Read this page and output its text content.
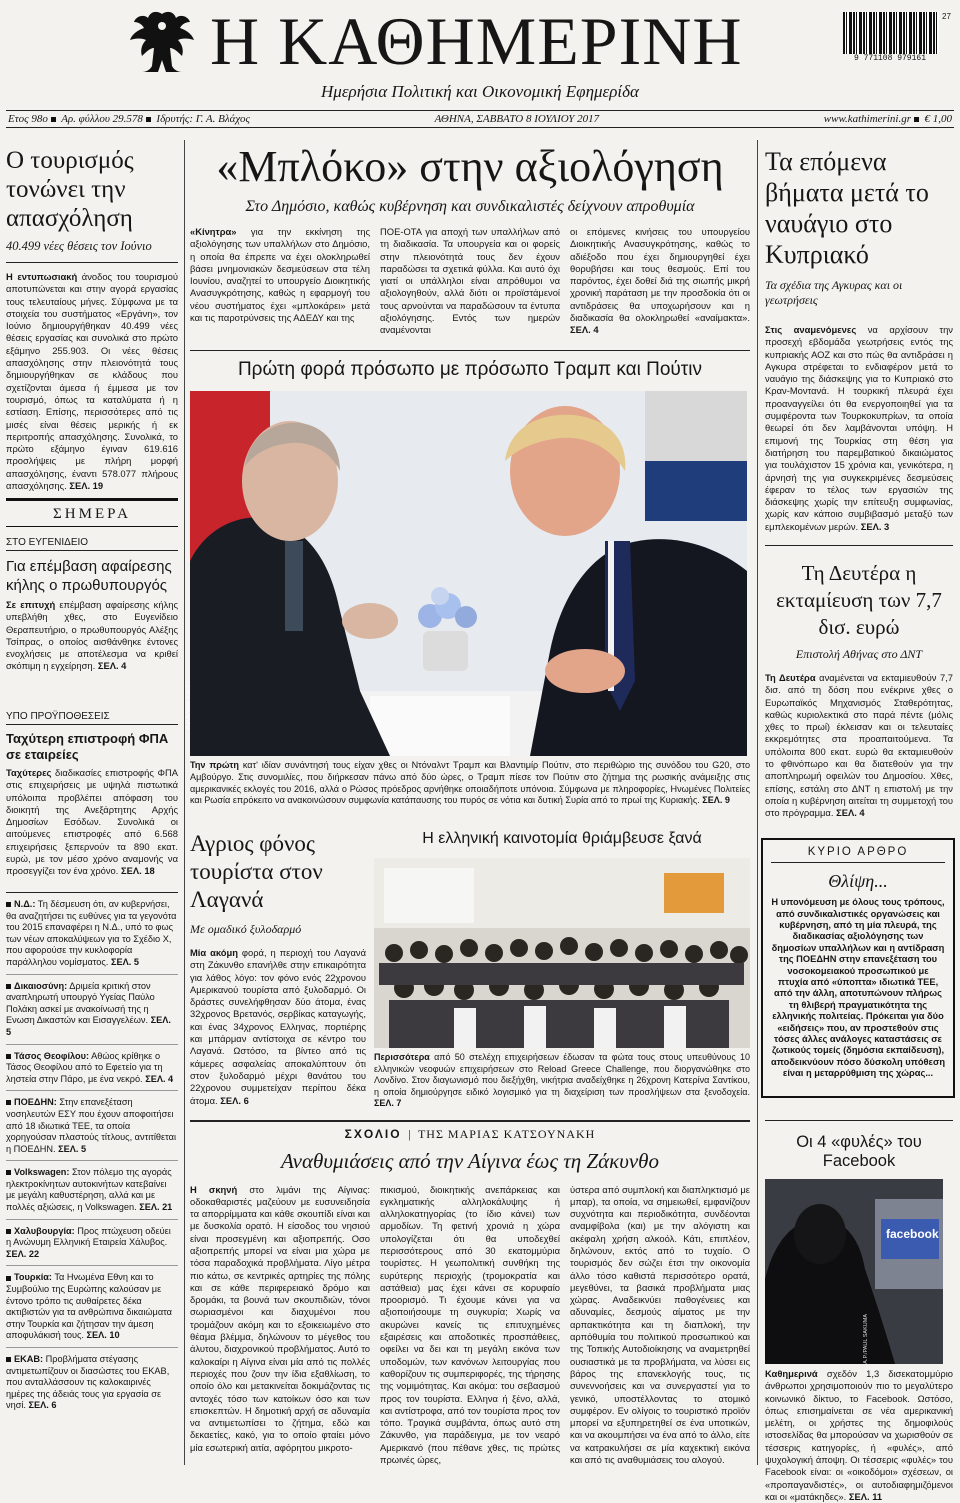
Η ΚΑΘΗΜΕΡΙΝΗ
Ημερήσια Πολιτική και Οικονομική Εφημερίδα
9 771108 979161
27
Ετος 98ο Αρ. φύλλου 29.578 Ιδρυτής: Γ. Α. Βλάχος	ΑΘΗΝΑ, ΣΑΒΒΑΤΟ 8 ΙΟΥΛΙΟΥ 2017	www.kathimerini.gr € 1,00
Ο τουρισμός τονώνει την απασχόληση
40.499 νέες θέσεις τον Ιούνιο
Η εντυπωσιακή άνοδος του τουρισμού αποτυπώνεται και στην αγορά εργασίας τους τελευταίους μήνες. Σύμφωνα με τα στοιχεία του συστήματος «Εργάνη», τον Ιούνιο δημιουργήθηκαν 40.499 νέες θέσεις εργασίας και συνολικά στο πρώτο εξάμηνο 255.903. Οι νέες θέσεις απασχόλησης στην πλειονότητά τους δημιουργήθηκαν σε κλάδους που σχετίζονται άμεσα ή έμμεσα με τον τουρισμό, όπως τα καταλύματα ή η εστίαση. Επίσης, περισσότερες από τις μισές είναι θέσεις μερικής ή εκ περιτροπής απασχόλησης. Συνολικά, το πρώτο εξάμηνο έγιναν 619.616 προσλήψεις με πλήρη μορφή απασχόλησης, έναντι 578.077 πλήρους απασχόλησης. ΣΕΛ. 19
ΣΗΜΕΡΑ
ΣΤΟ ΕΥΓΕΝΙΔΕΙΟ
Για επέμβαση αφαίρεσης κήλης ο πρωθυπουργός
Σε επιτυχή επέμβαση αφαίρεσης κήλης υπεβλήθη χθες, στο Ευγενίδειο Θεραπευτήριο, ο πρωθυπουργός Αλέξης Τσίπρας, ο οποίος αισθάνθηκε έντονες ενοχλήσεις με αποτέλεσμα να κριθεί σκόπιμη η εγχείρηση. ΣΕΛ. 4
ΥΠΟ ΠΡΟΫΠΟΘΕΣΕΙΣ
Ταχύτερη επιστροφή ΦΠΑ σε εταιρείες
Ταχύτερες διαδικασίες επιστροφής ΦΠΑ στις επιχειρήσεις με υψηλά πιστωτικά υπόλοιπα προβλέπει απόφαση του διοικητή της Ανεξάρτητης Αρχής Δημοσίων Εσόδων. Συνολικά οι αιτούμενες επιστροφές από 6.568 επιχειρήσεις ξεπερνούν τα 890 εκατ. ευρώ, με τον μέσο χρόνο αναμονής να προσεγγίζει τον ένα χρόνο. ΣΕΛ. 18
Ν.Δ.: Τη δέσμευση ότι, αν κυβερνήσει, θα αναζητήσει τις ευθύνες για τα γεγονότα του 2015 επαναφέρει η Ν.Δ., υπό το φως των νέων αποκαλύψεων για το Σχέδιο Χ, που αφορούσε την κυκλοφορία παράλληλου νομίσματος. ΣΕΛ. 5
Δικαιοσύνη: Δριμεία κριτική στον αναπληρωτή υπουργό Υγείας Παύλο Πολάκη ασκεί με ανακοίνωσή της η Ενωση Δικαστών και Εισαγγελέων. ΣΕΛ. 5
Τάσος Θεοφίλου: Αθώος κρίθηκε ο Τάσος Θεοφίλου από το Εφετείο για τη ληστεία στην Πάρο, με ένα νεκρό. ΣΕΛ. 4
ΠΟΕΔΗΝ: Στην επανεξέταση νοσηλευτών ΕΣΥ που έχουν αποφοιτήσει από 18 ιδιωτικά ΤΕΕ, τα οποία χορηγούσαν πλαστούς τίτλους, αντιτίθεται η ΠΟΕΔΗΝ. ΣΕΛ. 5
Volkswagen: Στον πόλεμο της αγοράς ηλεκτροκίνητων αυτοκινήτων κατεβαίνει με μεγάλη καθυστέρηση, αλλά και με πολλές αξιώσεις, η Volkswagen. ΣΕΛ. 21
Χαλυβουργία: Προς πτώχευση οδεύει η Ανώνυμη Ελληνική Εταιρεία Χάλυβος. ΣΕΛ. 22
Τουρκία: Τα Ηνωμένα Εθνη και το Συμβούλιο της Ευρώπης καλούσαν με έντονο τρόπο τις αυθαίρετες δέκα ακτιβιστών για τα ανθρώπινα δικαιώματα στην Τουρκία και ζήτησαν την άμεση αποφυλάκισή τους. ΣΕΛ. 10
ΕΚΑΒ: Προβλήματα στέγασης αντιμετωπίζουν οι διασώστες του ΕΚΑΒ, που ανταλλάσσουν τις καλοκαιρινές ημέρες της άδειάς τους για εργασία σε νησί. ΣΕΛ. 6
«Μπλόκο» στην αξιολόγηση
Στο Δημόσιο, καθώς κυβέρνηση και συνδικαλιστές δείχνουν απροθυμία
«Κίνητρα» για την εκκίνηση της αξιολόγησης των υπαλλήλων στο Δημόσιο, η οποία θα έπρεπε να έχει ολοκληρωθεί βάσει μνημονιακών δεσμεύσεων στα τέλη Ιουνίου, αναζητεί το υπουργείο Διοικητικής Ανασυγκρότησης, καθώς η εφαρμογή του νέου συστήματος έχει «μπλοκάρει» μετά και τις παροτρύνσεις της ΑΔΕΔΥ και της
ΠΟΕ-ΟΤΑ για αποχή των υπαλλήλων από τη διαδικασία. Τα υπουργεία και οι φορείς στην πλειονότητά τους δεν έχουν παραδώσει τα σχετικά φύλλα. Και αυτό όχι γιατί οι υπάλληλοι είναι απρόθυμοι να αξιολογηθούν, αλλά διότι οι προϊστάμενοί τους αρνούνται να παραδώσουν τα έντυπα αξιολόγησης. Εντός των ημερών αναμένονται
οι επόμενες κινήσεις του υπουργείου Διοικητικής Ανασυγκρότησης, καθώς το αδιέξοδο που έχει δημιουργηθεί έχει θορυβήσει και τους θεσμούς. Επί του παρόντος, έχει δοθεί διά της σιωπής μικρή χρονική παράταση με την προσδοκία ότι οι αντιδράσεις θα υποχωρήσουν και η διαδικασία θα ολοκληρωθεί «αναίμακτα». ΣΕΛ. 4
Πρώτη φορά πρόσωπο με πρόσωπο Τραμπ και Πούτιν
A.P./EVAN VUCCI
Την πρώτη κατ' ιδίαν συνάντησή τους είχαν χθες οι Ντόναλντ Τραμπ και Βλαντιμίρ Πούτιν, στο περιθώριο της συνόδου του G20, στο Αμβούργο. Στις συνομιλίες, που διήρκεσαν πάνω από δύο ώρες, ο Τραμπ πίεσε τον Πούτιν στο ζήτημα της ρωσικής ανάμειξης στις αμερικανικές εκλογές του 2016, αλλά ο Ρώσος πρόεδρος αρνήθηκε οποιαδήποτε υπόνοια. Σύμφωνα με πληροφορίες, Ηνωμένες Πολιτείες και Ρωσία επρόκειτο να ανακοινώσουν συμφωνία κατάπαυσης του πυρός σε νότια και δυτική Συρία από το πρωί της Κυριακής. ΣΕΛ. 9
Αγριος φόνος τουρίστα στον Λαγανά
Με ομαδικό ξυλοδαρμό
Μία ακόμη φορά, η περιοχή του Λαγανά στη Ζάκυνθο επανήλθε στην επικαιρότητα για λάθος λόγο: τον φόνο ενός 22χρονου Αμερικανού τουρίστα από ξυλοδαρμό. Οι δράστες συνελήφθησαν δύο άτομα, ένας 32χρονος Βρετανός, σερβίκας καταγωγής, και ένας 34χρονος Ελληνας, πορτιέρης και μπάρμαν αντίστοιχα σε κέντρο του Λαγανά. Ωστόσο, τα βίντεο από τις κάμερες ασφαλείας αποκαλύπτουν ότι στον ξυλοδαρμό μέχρι θανάτου του 22χρονου συμμετείχαν περίπου δέκα άτομα. ΣΕΛ. 6
Η ελληνική καινοτομία θριάμβευσε ξανά
Περισσότερα από 50 στελέχη επιχειρήσεων έδωσαν τα φώτα τους στους υπευθύνους 10 ελληνικών νεοφυών επιχειρήσεων στο Reload Greece Challenge, που διοργανώθηκε στο Λονδίνο. Στον διαγωνισμό που διεξήχθη, νικήτρια αναδείχθηκε η 26χρονη Κατερίνα Σαντίκου, η οποία δημιούργησε ειδικό λογισμικό για τη διαχείριση των προσλήψεων στα ξενοδοχεία. ΣΕΛ. 7
ΣΧΟΛΙΟ | ΤΗΣ ΜΑΡΙΑΣ ΚΑΤΣΟΥΝΑΚΗ
Αναθυμιάσεις από την Αίγινα έως τη Ζάκυνθο
Η σκηνή στο λιμάνι της Αίγινας: οδοκαθαριστές μαζεύουν με ευσυνειδησία τα απορρίμματα και κάθε σκουπίδι είναι και με δυσκολία ορατό. Η είσοδος του νησιού είναι προσεγμένη και αξιοπρεπής. Οσο αξιοπρεπής μπορεί να είναι μια χώρα με τόσα παραδοχικά προβλήματα. Λίγο μέτρα πιο κάτω, σε κεντρικές αρτηρίες της πόλης και σε κάθε περιφερειακό δρόμο και δρομάκι, τα βουνά των σκουπιδιών, τόνοι σωριασμένοι και διαχυμένοι που τρομάζουν ακόμη και το εξοικειωμένο στο θέαμα βλέμμα, δηλώνουν το μέγεθος του άλυτου, διαχρονικού προβλήματος. Αυτό το καλοκαίρι η Αίγινα είναι μία από τις πολλές περιοχές που ζουν την ίδια εξαθλίωση, το οποίο όλο και μετακινείται δοκιμάζοντας τις αντοχές τόσο των κατοίκων όσο και των επισκεπτών. Η δημοτική αρχή σε αδυναμία να αντιμετωπίσει το ζήτημα, εδώ και δεκαετίες, κακό, για το οποίο φταίει μόνο μία εσωτερική αιτία, αφόρητου μικροτο-
πικισμού, διοικητικής ανεπάρκειας και εγκληματικής αλληλοκάλυψης ή αλληλοκατηγορίας (το ίδιο κάνει) των αρμοδίων. Τη φετινή χρονιά η χώρα υπολογίζεται ότι θα υποδεχθεί περισσότερους από 30 εκατομμύρια τουρίστες. Η γεωπολιτική συνθήκη της ευρύτερης περιοχής (τρομοκρατία και αστάθεια) μας έχει κάνει σε κορυφαίο προορισμό. Τι έχουμε κάνει για να αξιοποιήσουμε τη συγκυρία; Χωρίς να ακυρώνει κανείς τις επιτυχημένες εξαιρέσεις και αποδοτικές προσπάθειες, οφείλει να δει και τη μεγάλη εικόνα των υποδομών, των κανόνων λειτουργίας που καθορίζουν τις συμπεριφορές, της τήρησης της νομιμότητας. Και ακόμα: του σεβασμού προς τον τουρίστα. Ελληνα ή ξένο, αλλά, και αντίστροφα, από τον τουρίστα προς τον τόπο. Τραγικά συμβάντα, όπως αυτό στη Ζάκυνθο, για παράδειγμα, με τον νεαρό Αμερικανό (που πέθανε χθες, τις πρώτες πρωινές ώρες,
ύστερα από συμπλοκή και διαπληκτισμό με μπαρ), τα οποία, να σημειωθεί, εμφανίζουν συχνότητα και περιοδικότητα, συνδέονται αναμφίβολα (και) με την αλόγιστη και ακέφαλη χρήση αλκοόλ. Κάτι, επιπλέον, δηλώνουν, εκτός από το τυχαίο. Ο τουρισμός δεν σώζει έτσι την οικονομία άλλο τόσο καθιστά περισσότερο ορατά, μεγεθύνει, τα βασικά προβλήματα μιας χώρας. Αναδεικνύει παθογένειες και αδυναμίες, δεσμούς αίματος με την αρπακτικότητα και τη διαπλοκή, την αρπόθυμία του πολιτικού προσωπικού και της Τοπικής Αυτοδιοίκησης να αναμετρηθεί ουσιαστικά με τα προβλήματα, να λύσει εις βάρος της επανεκλογής τους, τις συνεννοήσεις και να συνεργαστεί για το γενικό, υποστέλλοντας το ατομικό συμφέρον. Εν ολίγοις το τουριστικό προϊόν μπορεί να εξυπηρετηθεί σε ένα υποτικών, και να ακουμπήσει να ένα από το άλλο, είτε να κατρακυλήσει σε μία καχεκτική εικόνα και από τις αναθυμιάσεις του αλογού.
Τα επόμενα βήματα μετά το ναυάγιο στο Κυπριακό
Τα σχέδια της Αγκυρας και οι γεωτρήσεις
Στις αναμενόμενες να αρχίσουν την προσεχή εβδομάδα γεωτρήσεις εντός της κυπριακής ΑΟΖ και στο πώς θα αντιδράσει η Αγκυρα στρέφεται το ενδιαφέρον μετά το ναυάγιο της διάσκεψης για το Κυπριακό στο Κραν-Μοντανά. Η τουρκική πλευρά έχει προαναγγείλει ότι θα ενεργοποιηθεί για τα συμφέροντα των Τουρκοκυπρίων, τα οποία θεωρεί ότι δεν λαμβάνονται υπόψη. Η επιμονή της Τουρκίας στη θέση για διατήρηση του παρεμβατικού δικαιώματος για τουλάχιστον 15 χρόνια και, γενικότερα, η άρνησή της για συγκεκριμένες δεσμεύσεις έφεραν το τέλος των εργασιών της διάσκεψης χωρίς την επίτευξη συμφωνίας, χωρίς καν κάποιο συμβιβασμό μεταξύ των εμπλεκομένων μερών. ΣΕΛ. 3
Τη Δευτέρα η εκταμίευση των 7,7 δισ. ευρώ
Επιστολή Αθήνας στο ΔΝΤ
Τη Δευτέρα αναμένεται να εκταμιευθούν 7,7 δισ. από τη δόση που ενέκρινε χθες ο Ευρωπαϊκός Μηχανισμός Σταθερότητας, καθώς κυριολεκτικά στο παρά πέντε (μόλις χθες το πρωί) έκλεισαν και οι τελευταίες εκκρεμότητες στα προαπαιτούμενα. Τα υπόλοιπα 800 εκατ. ευρώ θα εκταμιευθούν το φθινόπωρο και θα διατεθούν για την αποπληρωμή οφειλών του Δημοσίου. Χθες, επίσης, εστάλη στο ΔΝΤ η επιστολή με την οποία η κυβέρνηση αιτείται τη συμμετοχή του στο πρόγραμμα. ΣΕΛ. 4
ΚΥΡΙΟ ΑΡΘΡΟ
Θλίψη...
Η υπονόμευση με όλους τους τρόπους, από συνδικαλιστικές οργανώσεις και κυβέρνηση, από τη μία πλευρά, της διαδικασίας αξιολόγησης των δημοσίων υπαλλήλων και η αντίδραση της ΠΟΕΔΗΝ στην επανεξέταση του νοσοκομειακού προσωπικού με πτυχία από «ύποπτα» ιδιωτικά ΤΕΕ, από την άλλη, αποτυπώνουν πλήρως τη θλιβερή πραγματικότητα της ελληνικής πολιτείας. Πρόκειται για δύο «ειδήσεις» που, αν προστεθούν στις τόσες άλλες ανάλογες καταστάσεις σε ζωτικούς τομείς (δημόσια εκπαίδευση), αποδεικνύουν πόσο δύσκολη υπόθεση είναι η μεταρρύθμιση της χώρας...
Οι 4 «φυλές» του Facebook
facebook
A.P./PAUL SAKUMA
Καθημερινά σχεδόν 1,3 δισεκατομμύριο άνθρωποι χρησιμοποιούν πιο το μεγαλύτερο κοινωνικό δίκτυο, το Facebook. Ωστόσο, όπως επισημαίνεται σε νέα αμερικανική μελέτη, οι χρήστες της δημοφιλούς ιστοσελίδας θα μπορούσαν να χωρισθούν σε τέσσερις κατηγορίες, ή «φυλές», από ψυχολογική άποψη. Οι τέσσερις «φυλές» του Facebook είναι: οι «οικοδόμοι» σχέσεων, οι «προπαγανδιστές», οι αυτοδιαφημιζόμενοι και οι «ματάκηδες». ΣΕΛ. 11
